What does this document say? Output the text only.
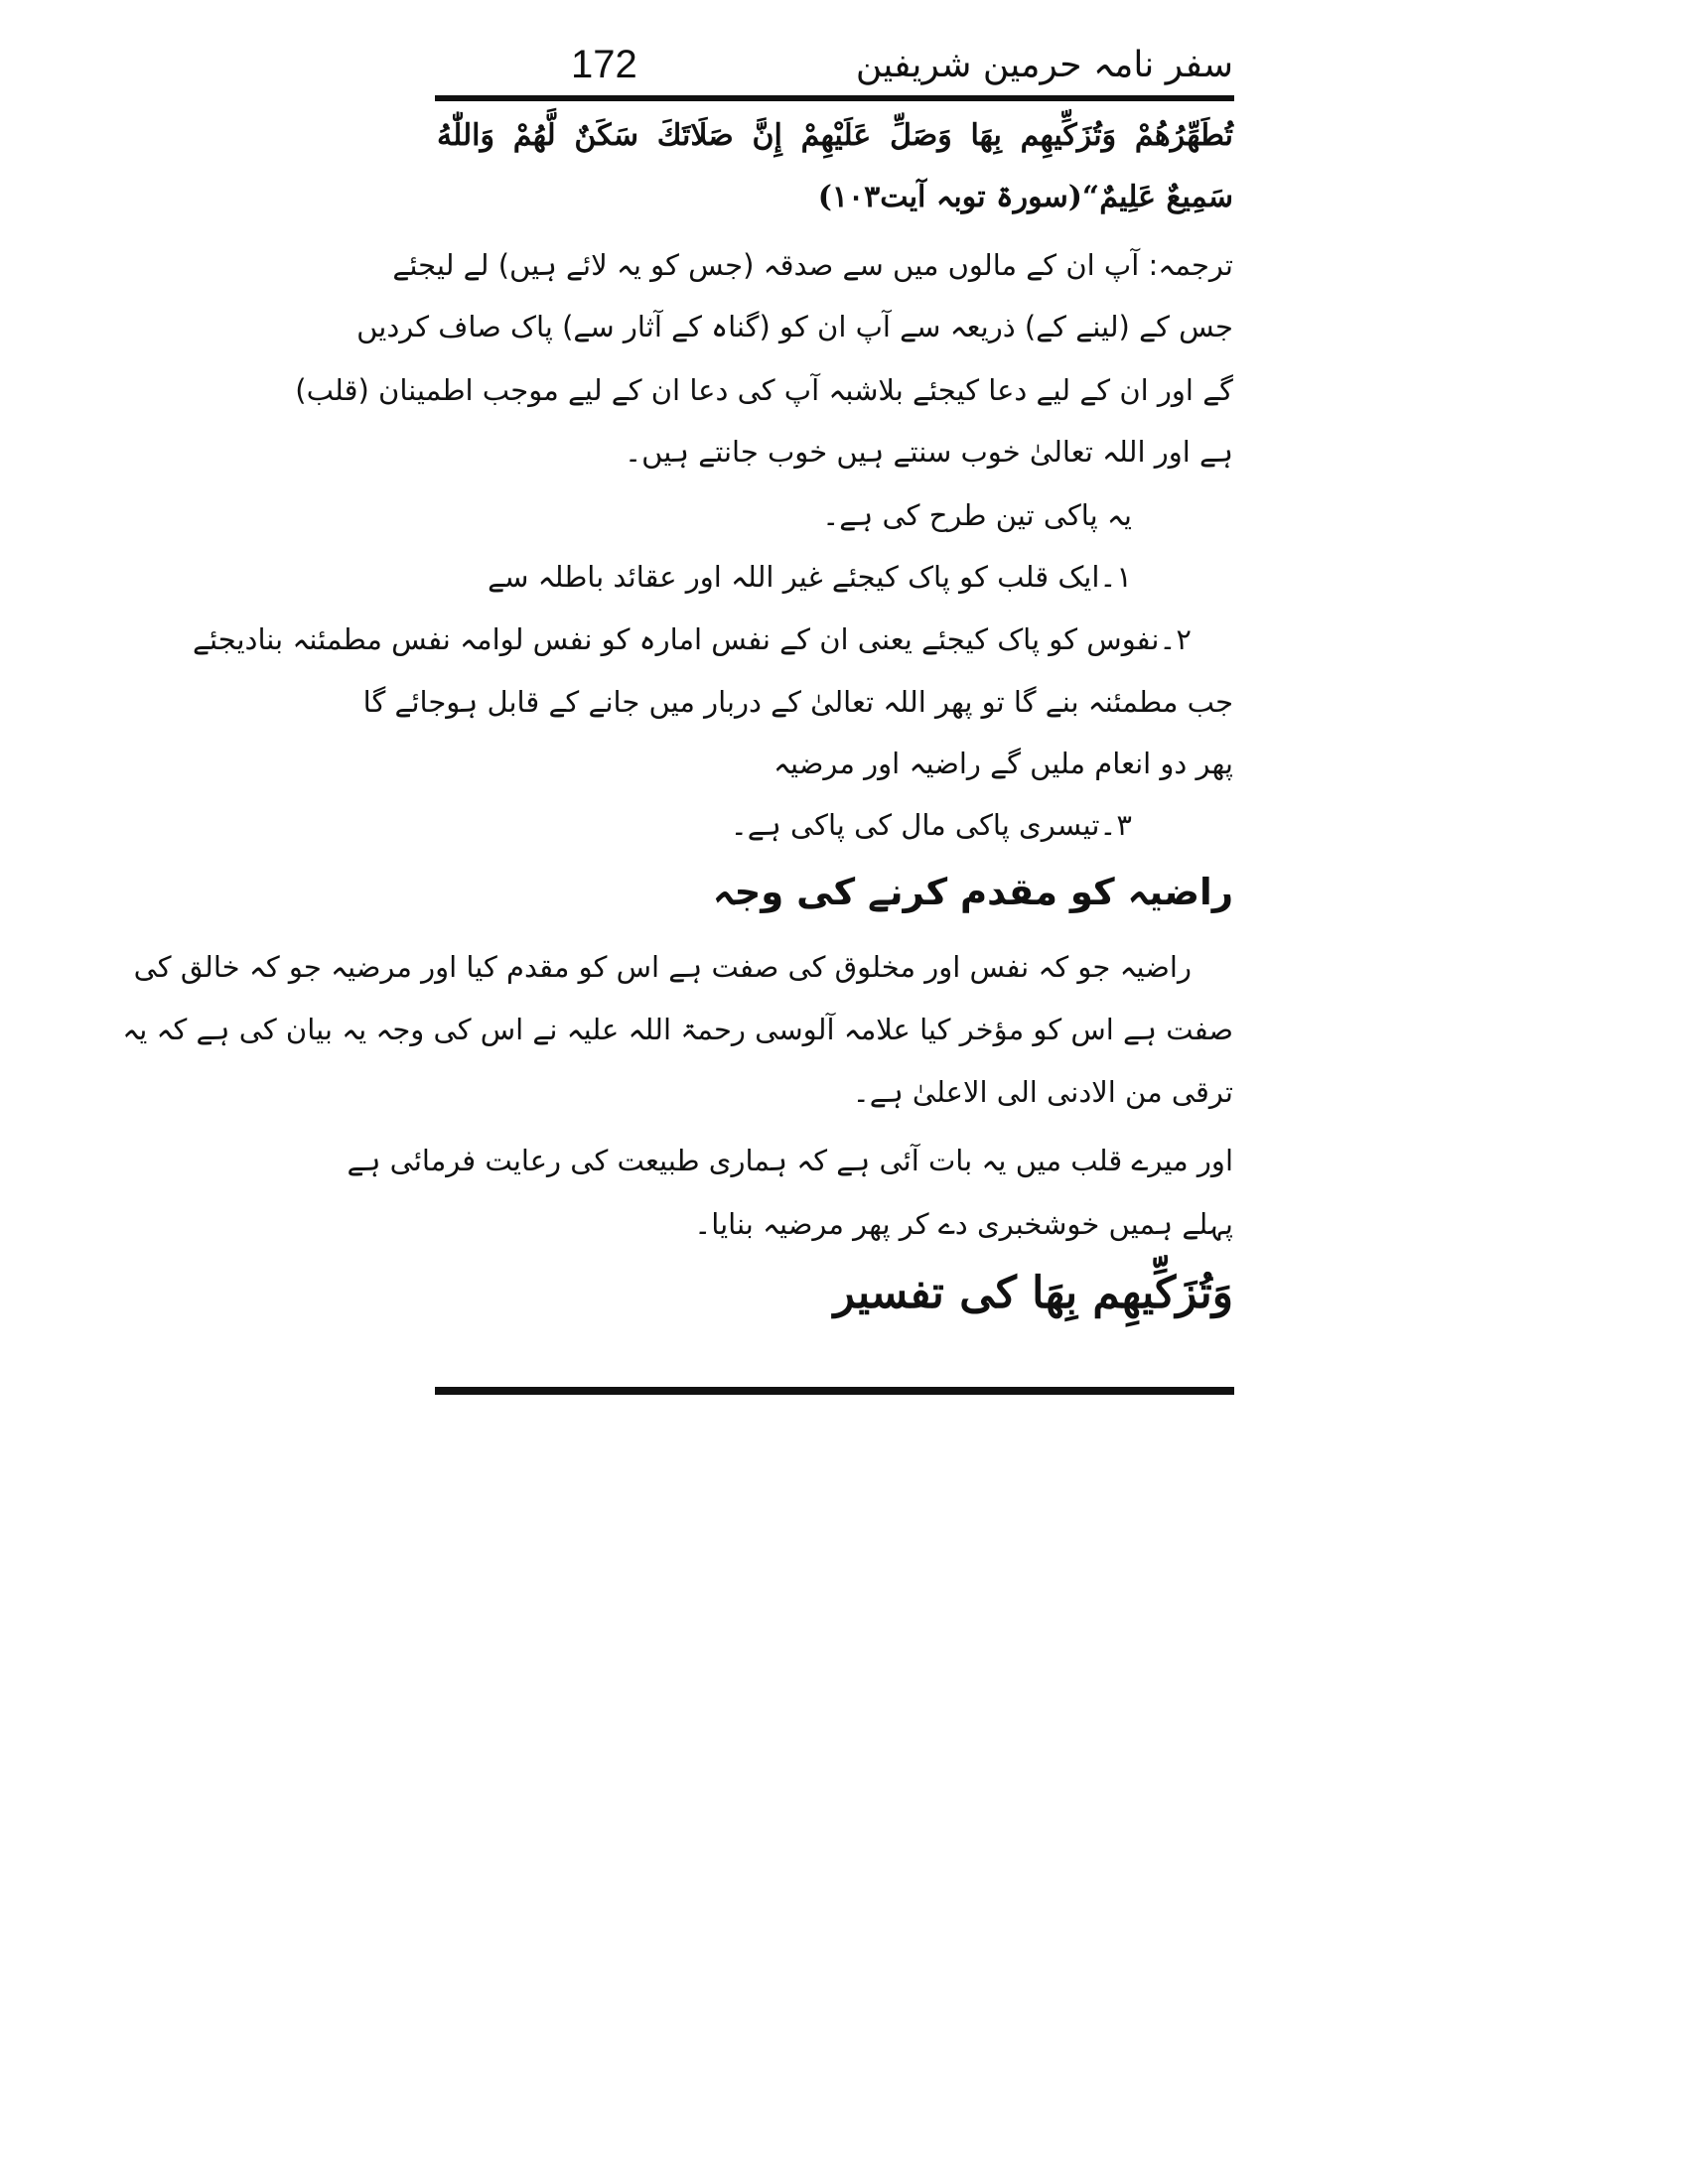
172	سفر نامہ حرمین شریفین
تُطَهِّرُهُمْ وَتُزَكِّيهِم بِهَا وَصَلِّ عَلَيْهِمْ إِنَّ صَلَاتَكَ سَكَنٌ لَّهُمْ وَاللّٰهُ
سَمِيعٌ عَلِيمٌ“(سورۃ توبہ آیت۱۰۳)
ترجمہ: آپ ان کے مالوں میں سے صدقہ (جس کو یہ لائے ہیں) لے لیجئے
جس کے (لینے کے) ذریعہ سے آپ ان کو (گناہ کے آثار سے) پاک صاف کردیں
گے اور ان کے لیے دعا کیجئے بلاشبہ آپ کی دعا ان کے لیے موجب اطمینان (قلب)
ہے اور اللہ تعالیٰ خوب سنتے ہیں خوب جانتے ہیں۔
یہ پاکی تین طرح کی ہے۔
۱۔ایک قلب کو پاک کیجئے غیر اللہ اور عقائد باطلہ سے
۲۔نفوس کو پاک کیجئے یعنی ان کے نفس امارہ کو نفس لوامہ نفس مطمئنہ بنادیجئے
جب مطمئنہ بنے گا تو پھر اللہ تعالیٰ کے دربار میں جانے کے قابل ہوجائے گا
پھر دو انعام ملیں گے راضیہ اور مرضیہ
۳۔تیسری پاکی مال کی پاکی ہے۔
راضیہ کو مقدم کرنے کی وجہ
راضیہ جو کہ نفس اور مخلوق کی صفت ہے اس کو مقدم کیا اور مرضیہ جو کہ خالق کی
صفت ہے اس کو مؤخر کیا علامہ آلوسی رحمۃ اللہ علیہ نے اس کی وجہ یہ بیان کی ہے کہ یہ
ترقی من الادنی الی الاعلیٰ ہے۔
اور میرے قلب میں یہ بات آئی ہے کہ ہماری طبیعت کی رعایت فرمائی ہے
پہلے ہمیں خوشخبری دے کر پھر مرضیہ بنایا۔
وَتُزَكِّيهِم بِهَا کی تفسیر
